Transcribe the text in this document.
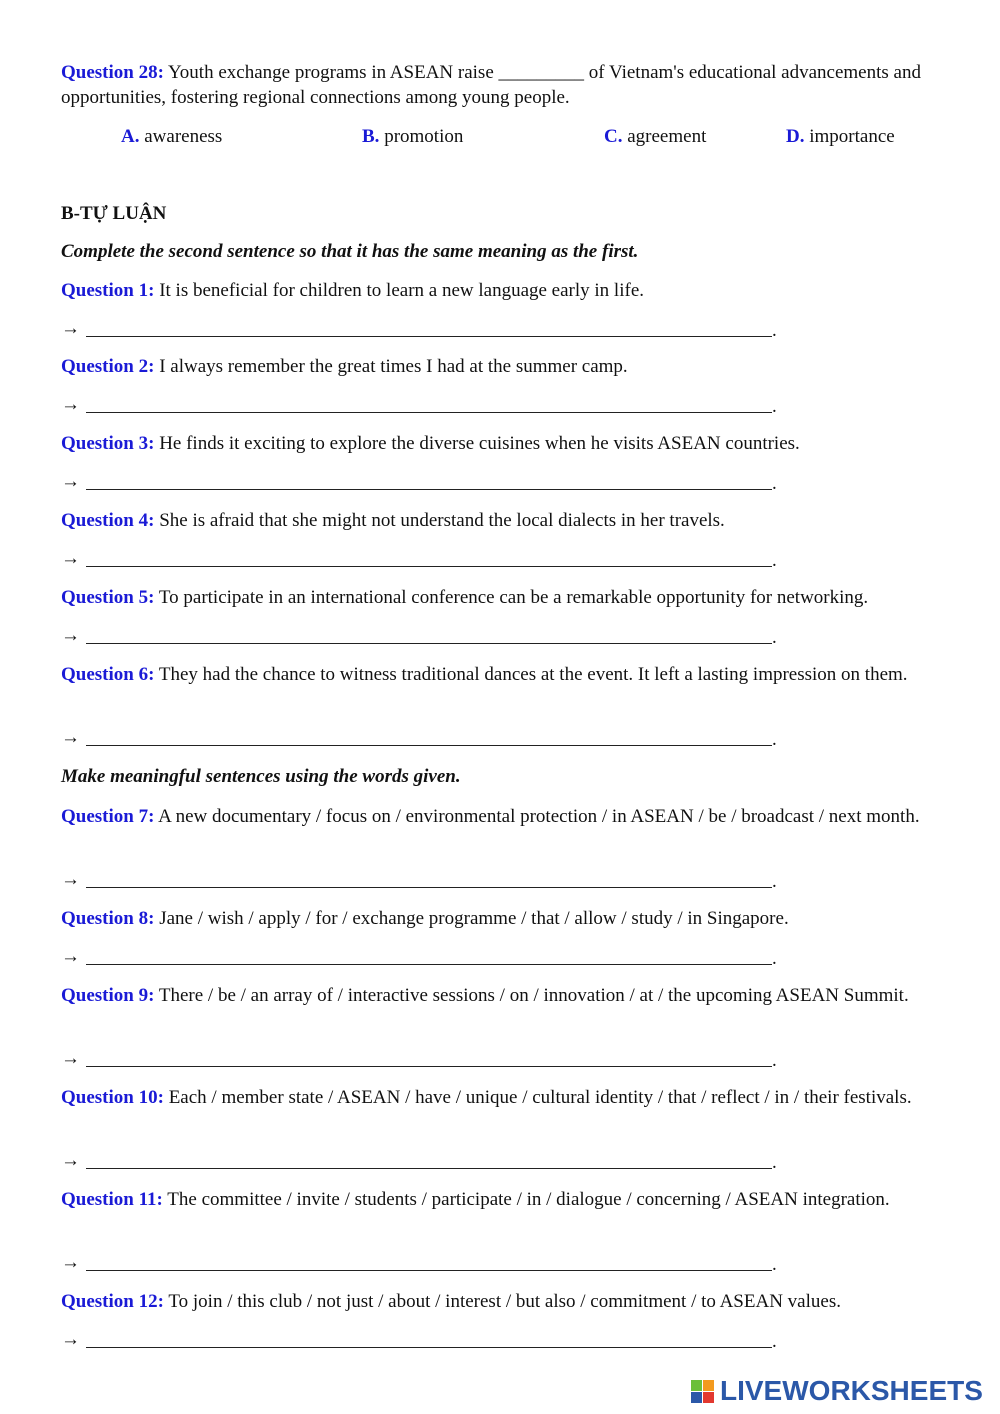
Question 28: Youth exchange programs in ASEAN raise _________ of Vietnam's educational advancements and opportunities, fostering regional connections among young people.
A. awareness	B. promotion	C. agreement	D. importance
B-TỰ LUẬN
Complete the second sentence so that it has the same meaning as the first.
Question 1: It is beneficial for children to learn a new language early in life.
→	.
Question 2: I always remember the great times I had at the summer camp.
→	.
Question 3: He finds it exciting to explore the diverse cuisines when he visits ASEAN countries.
→	.
Question 4: She is afraid that she might not understand the local dialects in her travels.
→	.
Question 5: To participate in an international conference can be a remarkable opportunity for networking.
→	.
Question 6: They had the chance to witness traditional dances at the event. It left a lasting impression on them.
→	.
Make meaningful sentences using the words given.
Question 7: A new documentary / focus on / environmental protection / in ASEAN / be / broadcast / next month.
→	.
Question 8: Jane / wish / apply / for / exchange programme / that / allow / study / in Singapore.
→	.
Question 9: There / be / an array of / interactive sessions / on / innovation / at / the upcoming ASEAN Summit.
→	.
Question 10: Each / member state / ASEAN / have / unique / cultural identity / that / reflect / in / their festivals.
→	.
Question 11: The committee / invite / students / participate / in / dialogue / concerning / ASEAN integration.
→	.
Question 12: To join / this club / not just / about / interest / but also / commitment / to ASEAN values.
→	.
LIVEWORKSHEETS
